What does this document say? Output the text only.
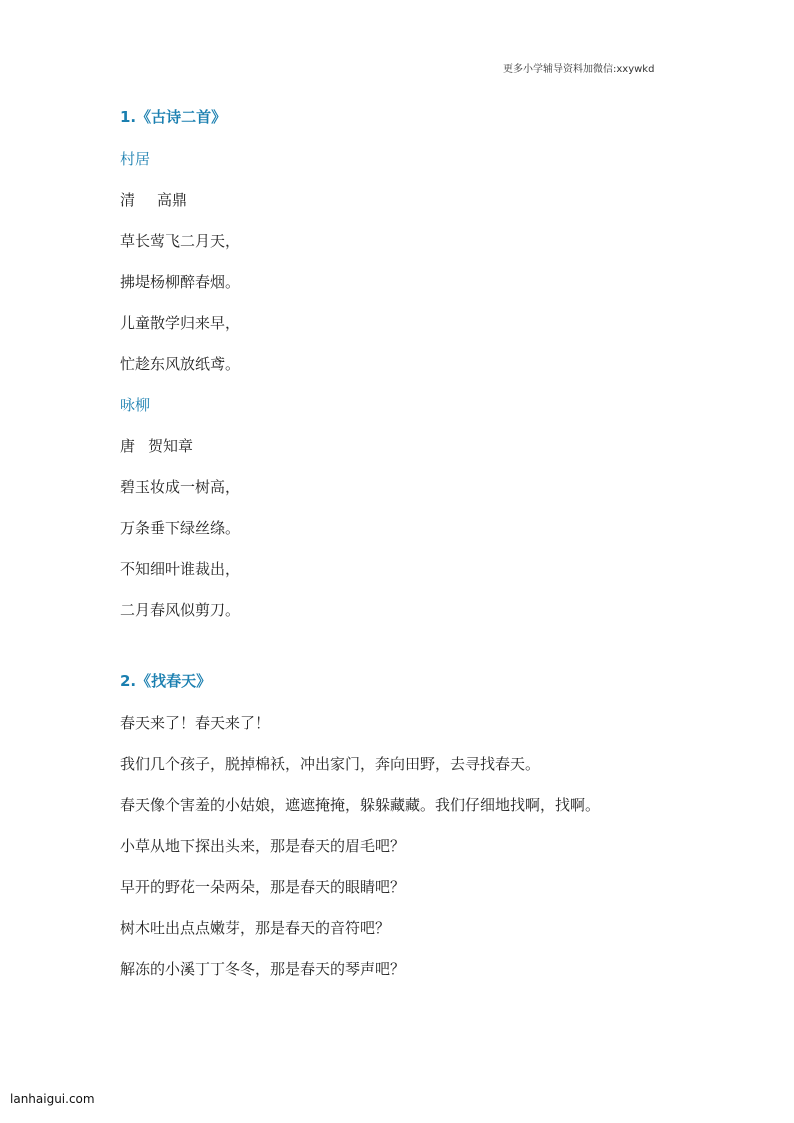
更多小学辅导资料加微信:xxywkd
1.《古诗二首》
村居
清 高鼎
草长莺飞二月天，
拂堤杨柳醉春烟。
儿童散学归来早，
忙趁东风放纸鸢。
咏柳
唐 贺知章
碧玉妆成一树高，
万条垂下绿丝绦。
不知细叶谁裁出，
二月春风似剪刀。
2.《找春天》
春天来了！春天来了！
我们几个孩子，脱掉棉袄，冲出家门，奔向田野，去寻找春天。
春天像个害羞的小姑娘，遮遮掩掩，躲躲藏藏。我们仔细地找啊，找啊。
小草从地下探出头来，那是春天的眉毛吧？
早开的野花一朵两朵，那是春天的眼睛吧？
树木吐出点点嫩芽，那是春天的音符吧？
解冻的小溪丁丁冬冬，那是春天的琴声吧？
lanhaigui.com
